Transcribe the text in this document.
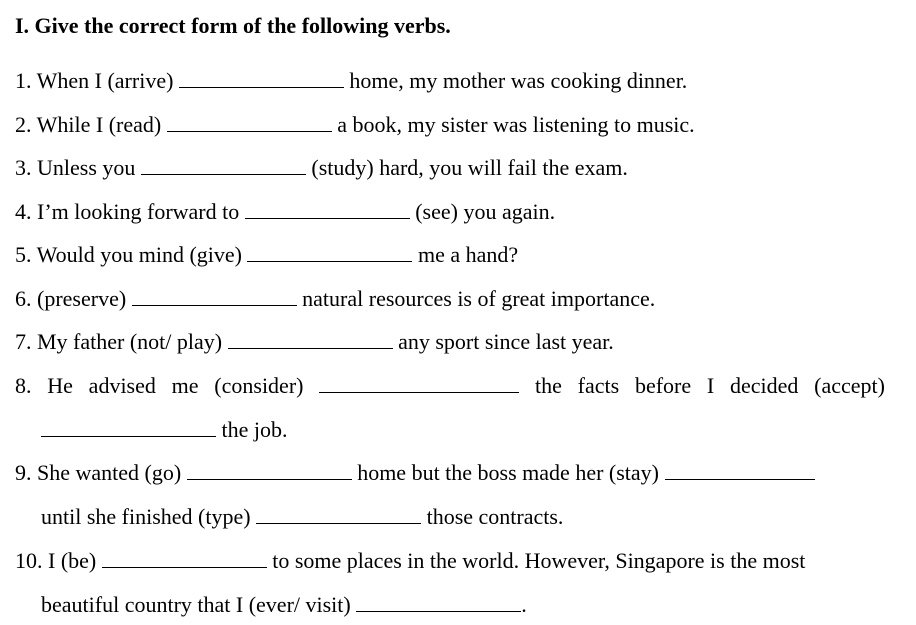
I. Give the correct form of the following verbs.
1. When I (arrive)	home, my mother was cooking dinner.
2. While I (read)	a book, my sister was listening to music.
3. Unless you	(study) hard, you will fail the exam.
4. I’m looking forward to	(see) you again.
5. Would you mind (give)	me a hand?
6. (preserve)	natural resources is of great importance.
7. My father (not/ play)	any sport since last year.
8. He advised me (consider)	the facts before I decided (accept)
the job.
9. She wanted (go)	home but the boss made her (stay)
until she finished (type)	those contracts.
10. I (be)	to some places in the world. However, Singapore is the most
beautiful country that I (ever/ visit)	.
